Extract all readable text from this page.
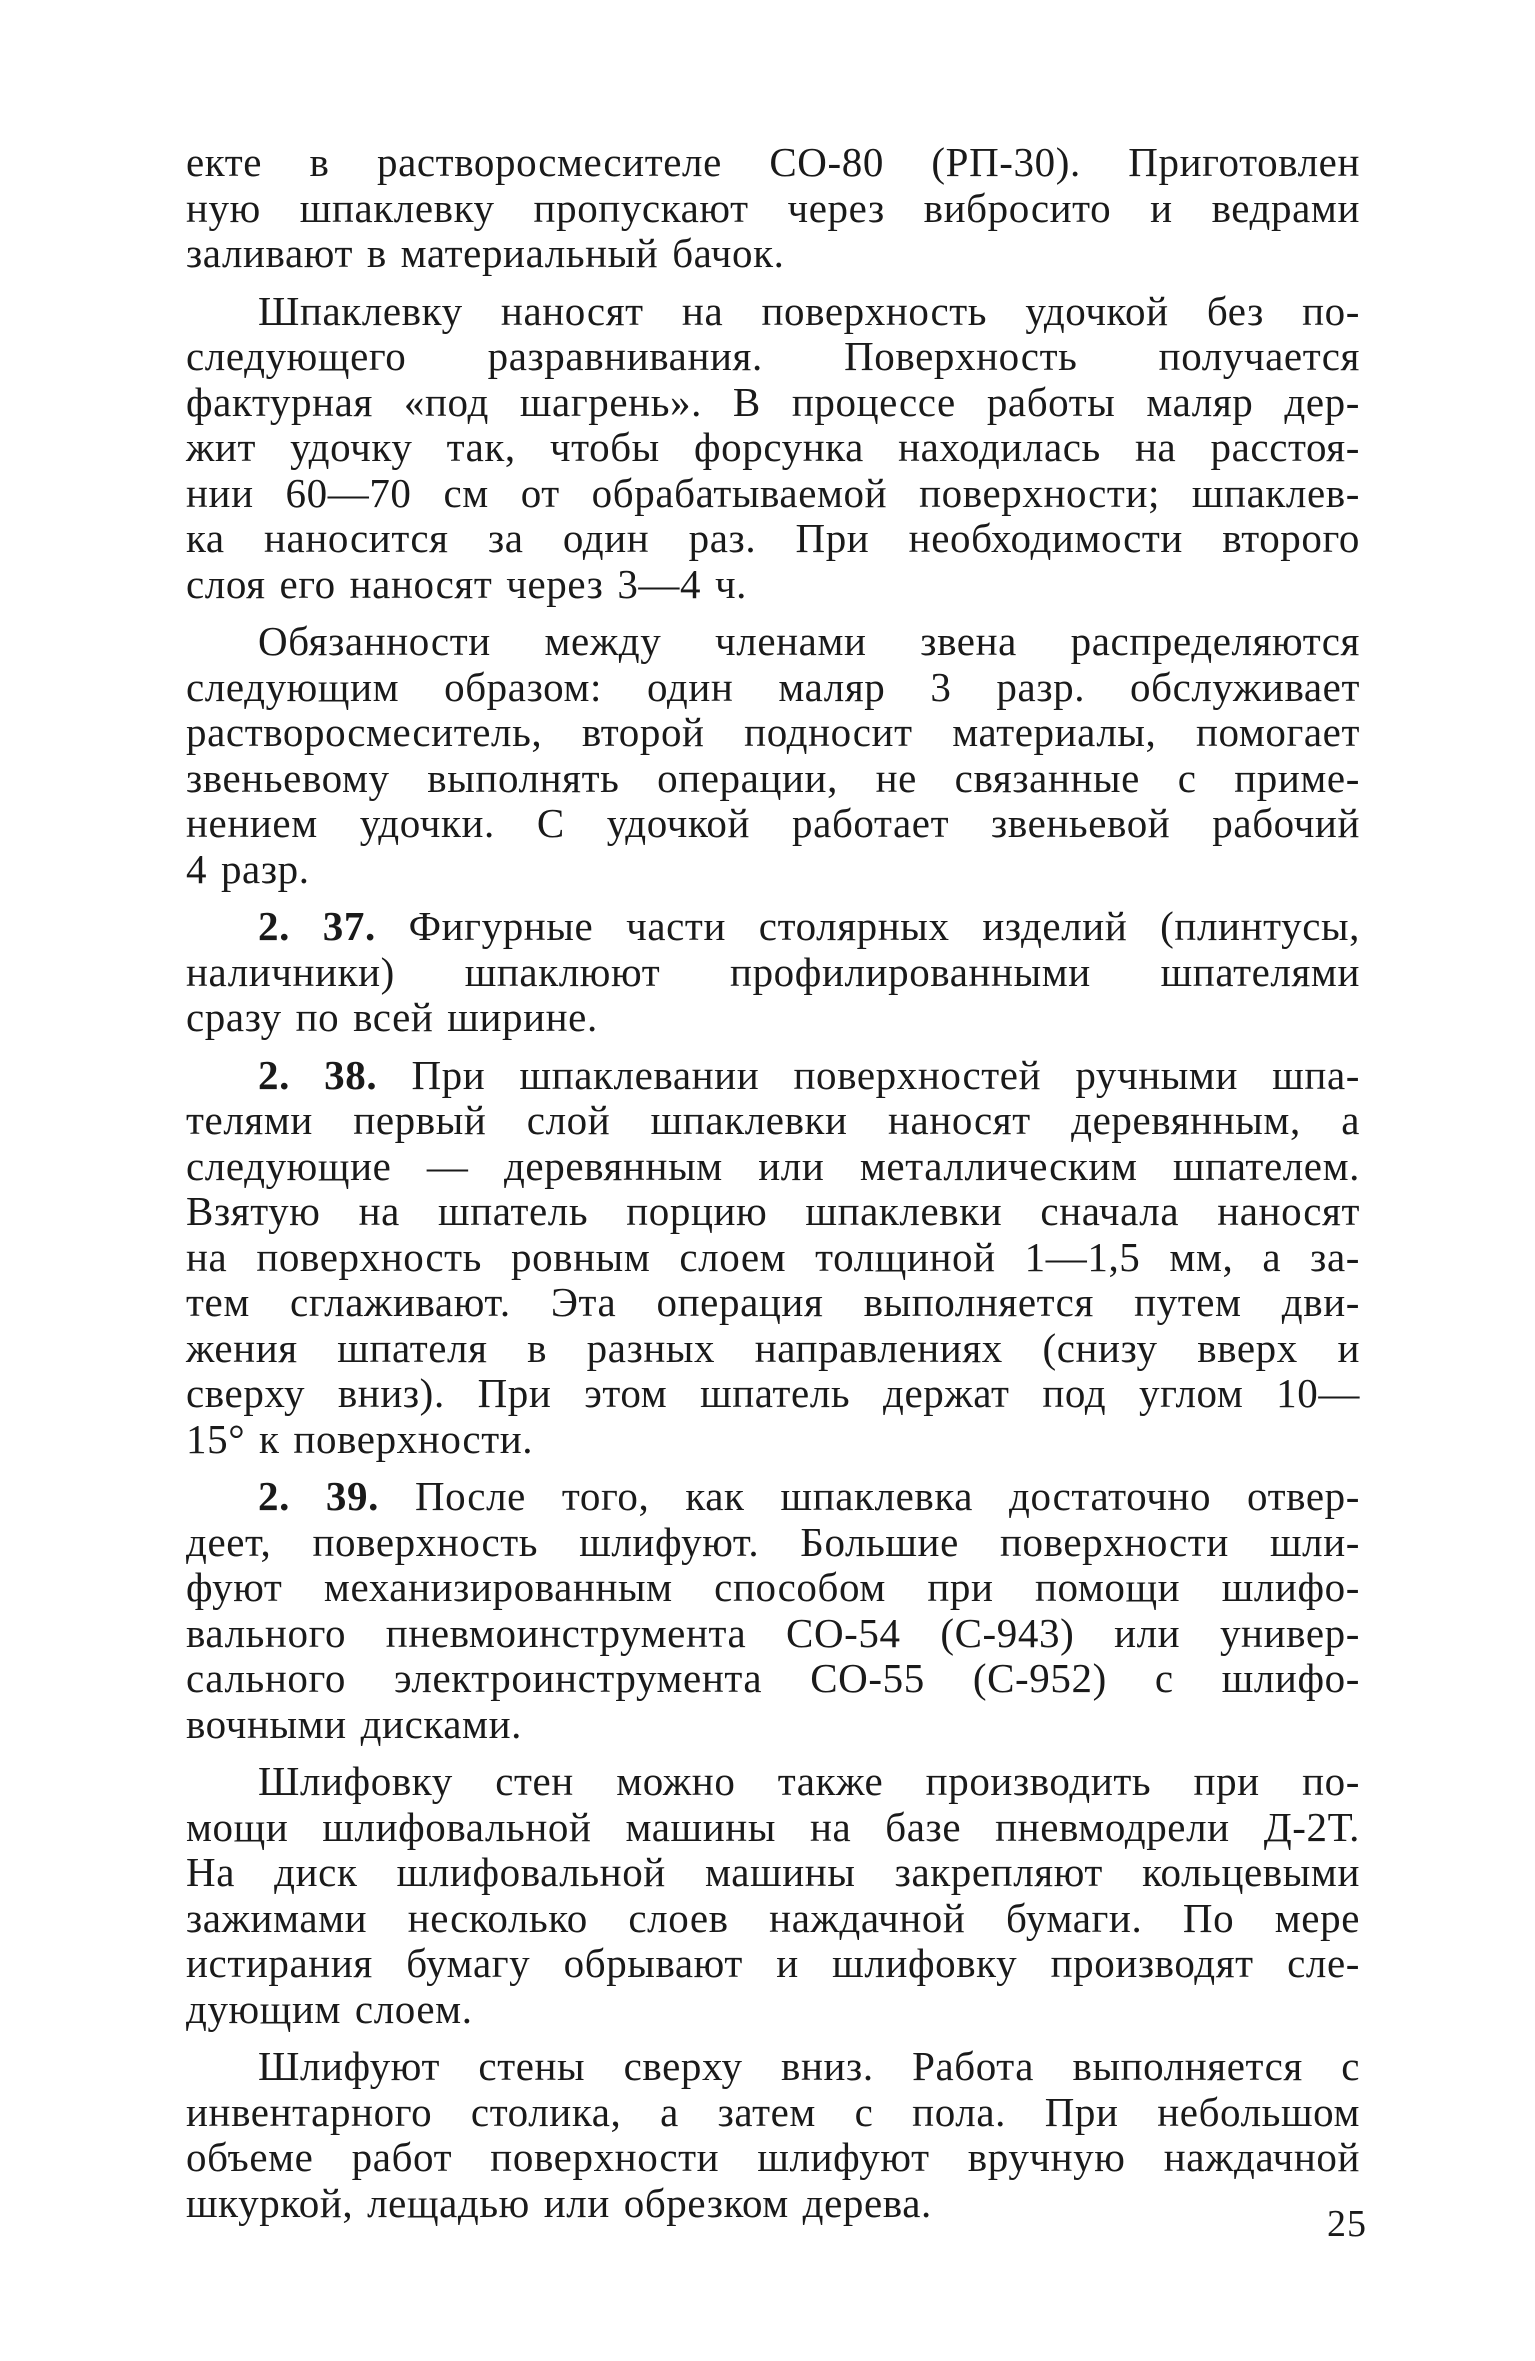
екте в растворосмесителе СО-80 (РП-30). Приготовлен
ную шпаклевку пропускают через вибросито и ведрами
заливают в материальный бачок.
Шпаклевку наносят на поверхность удочкой без по-
следующего разравнивания. Поверхность получается
фактурная «под шагрень». В процессе работы маляр дер-
жит удочку так, чтобы форсунка находилась на расстоя-
нии 60—70 см от обрабатываемой поверхности; шпаклев-
ка наносится за один раз. При необходимости второго
слоя его наносят через 3—4 ч.
Обязанности между членами звена распределяются
следующим образом: один маляр 3 разр. обслуживает
растворосмеситель, второй подносит материалы, помогает
звеньевому выполнять операции, не связанные с приме-
нением удочки. С удочкой работает звеньевой рабочий
4 разр.
2. 37. Фигурные части столярных изделий (плинтусы,
наличники) шпаклюют профилированными шпателями
сразу по всей ширине.
2. 38. При шпаклевании поверхностей ручными шпа-
телями первый слой шпаклевки наносят деревянным, а
следующие — деревянным или металлическим шпателем.
Взятую на шпатель порцию шпаклевки сначала наносят
на поверхность ровным слоем толщиной 1—1,5 мм, а за-
тем сглаживают. Эта операция выполняется путем дви-
жения шпателя в разных направлениях (снизу вверх и
сверху вниз). При этом шпатель держат под углом 10—
15° к поверхности.
2. 39. После того, как шпаклевка достаточно отвер-
деет, поверхность шлифуют. Большие поверхности шли-
фуют механизированным способом при помощи шлифо-
вального пневмоинструмента СО-54 (С-943) или универ-
сального электроинструмента СО-55 (С-952) с шлифо-
вочными дисками.
Шлифовку стен можно также производить при по-
мощи шлифовальной машины на базе пневмодрели Д-2Т.
На диск шлифовальной машины закрепляют кольцевыми
зажимами несколько слоев наждачной бумаги. По мере
истирания бумагу обрывают и шлифовку производят сле-
дующим слоем.
Шлифуют стены сверху вниз. Работа выполняется с
инвентарного столика, а затем с пола. При небольшом
объеме работ поверхности шлифуют вручную наждачной
шкуркой, лещадью или обрезком дерева.	25
